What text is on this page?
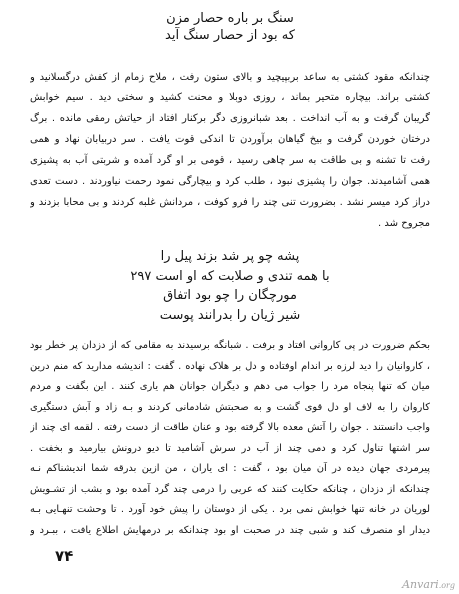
سنگ بر باره حصار مزن
که بود از حصار سنگ آید
چندانکه مقود کشتی به ساعد بربپیچید و بالای ستون رفت ، ملاح زمام از کفش درگسلانید و
کشتی براند. بیچاره متحیر بماند ، روزی دوبلا و محنت کشید و سختی دید . سیم خوابش
گریبان گرفت و به آب انداخت . بعد شبانروزی دگر برکنار افتاد از حیاتش رمقی مانده . برگ
درختان خوردن گرفت و بیخ گیاهان برآوردن تا اندکی قوت یافت . سر دربیابان نهاد و همی
رفت تا تشنه و بی طاقت به سر چاهی رسید ، قومی بر او گرد آمده و شربتی آب به پشیزی
همی آشامیدند. جوان را پشیزی نبود ، طلب کرد و بیچارگی نمود رحمت نیاوردند . دست تعدی
دراز کرد میسر نشد . بضرورت تنی چند را فرو کوفت ، مردانش غلبه کردند و بی محابا بزدند و
مجروح شد .
پشه چو پر شد بزند پیل را
با همه تندی و صلابت که او است ۲۹۷
مورچگان را چو بود اتفاق
شیر ژیان را بدرانند پوست
بحکم ضرورت در پی کاروانی افتاد و برفت . شبانگه برسیدند به مقامی که از دزدان پر خطر بود
، کاروانیان را دید لرزه بر اندام اوفتاده و دل بر هلاک نهاده . گفت : اندیشه مدارید که منم درین
میان که تنها پنجاه مرد را جواب می دهم و دیگران جوانان هم یاری کنند . این بگفت و مردم
کاروان را به لاف او دل قوی گشت و به صحبتش شادمانی کردند و بـه زاد و آبش دستگیری
واجب دانستند . جوان را آتش معده بالا گرفته بود و عنان طاقت از دست رفته . لقمه ای چند از
سر اشتها تناول کرد و دمی چند از آب در سرش آشامید تا دیو درونش بیارمید و بخفت .
پیرمردی جهان دیده در آن میان بود ، گفت : ای یاران ، من ازین بدرقه شما اندیشناکم نـه
چندانکه از دزدان ، چنانکه حکایت کنند که عربی را درمی چند گرد آمده بود و بشب از تشـویش
لوریان در خانه تنها خوابش نمی برد . یکی از دوستان را پیش خود آورد . تا وحشت تنهـایی بـه
دیدار او منصرف کند و شبی چند در صحبت او بود چندانکه بر درمهایش اطلاع یافت ، ببـرد و
۷۴
Anvari.org
